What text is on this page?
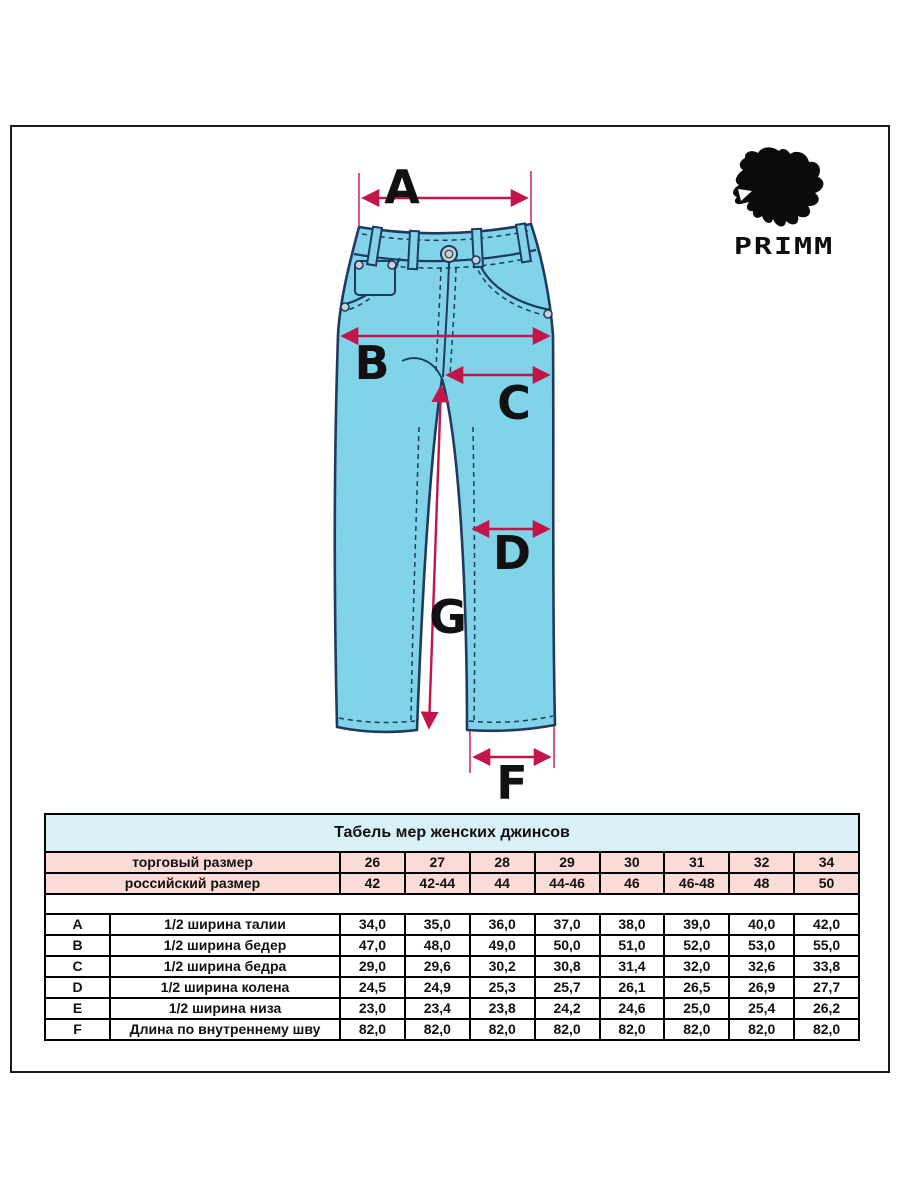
A
B
C
D
G
F
PRIMM
Табель мер женских джинсов									
торговый размер		26	27	28	29	30	31	32	34
российский размер		42	42-44	44	44-46	46	46-48	48	50

A	1/2 ширина талии	34,0	35,0	36,0	37,0	38,0	39,0	40,0	42,0
B	1/2 ширина бедер	47,0	48,0	49,0	50,0	51,0	52,0	53,0	55,0
C	1/2 ширина бедра	29,0	29,6	30,2	30,8	31,4	32,0	32,6	33,8
D	1/2 ширина колена	24,5	24,9	25,3	25,7	26,1	26,5	26,9	27,7
E	1/2 ширина низа	23,0	23,4	23,8	24,2	24,6	25,0	25,4	26,2
F	Длина по внутреннему шву	82,0	82,0	82,0	82,0	82,0	82,0	82,0	82,0
